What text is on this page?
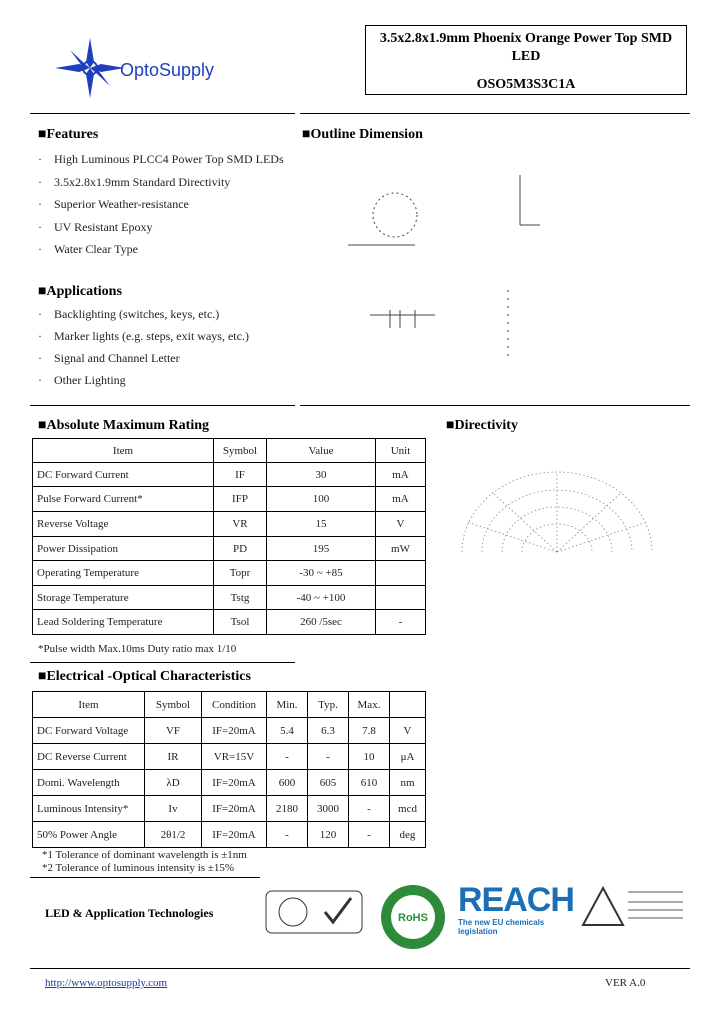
OptoSupply
3.5x2.8x1.9mm Phoenix Orange Power Top SMD LED
OSO5M3S3C1A
■Features
· High Luminous PLCC4 Power Top SMD LEDs
· 3.5x2.8x1.9mm Standard Directivity
· Superior Weather-resistance
· UV Resistant Epoxy
· Water Clear Type
■Outline Dimension
■Applications
· Backlighting (switches, keys, etc.)
· Marker lights (e.g. steps, exit ways, etc.)
· Signal and Channel Letter
· Other Lighting
■Absolute Maximum Rating
Item	Symbol	Value	Unit
DC Forward Current	IF	30	mA
Pulse Forward Current*	IFP	100	mA
Reverse Voltage	VR	15	V
Power Dissipation	PD	195	mW
Operating Temperature	Topr	-30 ~ +85	
Storage Temperature	Tstg	-40 ~ +100	
Lead Soldering Temperature	Tsol	260 /5sec	-
*Pulse width Max.10ms Duty ratio max 1/10
■Directivity
■Electrical -Optical Characteristics
Item	Symbol	Condition	Min.	Typ.	Max.	
DC Forward Voltage	VF	IF=20mA	5.4	6.3	7.8	V
DC Reverse Current	IR	VR=15V	-	-	10	μA
Domi. Wavelength	λD	IF=20mA	600	605	610	nm
Luminous Intensity*	Iv	IF=20mA	2180	3000	-	mcd
50% Power Angle	2θ1/2	IF=20mA	-	120	-	deg
*1 Tolerance of dominant wavelength is ±1nm
*2 Tolerance of luminous intensity is ±15%
LED & Application Technologies	RoHS REACH
The new EU chemicals legislation
http://www.optosupply.com	VER A.0
